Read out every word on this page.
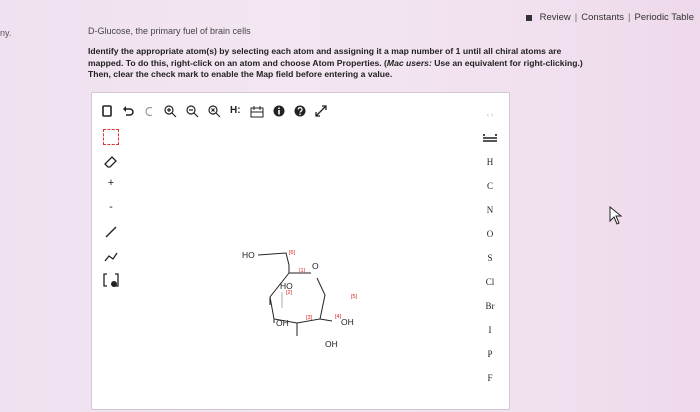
ny.
Review | Constants | Periodic Table
D-Glucose, the primary fuel of brain cells
Identify the appropriate atom(s) by selecting each atom and assigning it a map number of 1 until all chiral atoms are
mapped. To do this, right-click on an atom and choose Atom Properties. (Mac users: Use an equivalent for right-clicking.)
Then, clear the check mark to enable the Map field before entering a value.
H:
+
-
‹ ›
H
C
N
O
S
Cl
Br
I
P
F
HO	[6]
O
[1]
HO
[2]
[5]
OH	[3]	[4] OH
OH
